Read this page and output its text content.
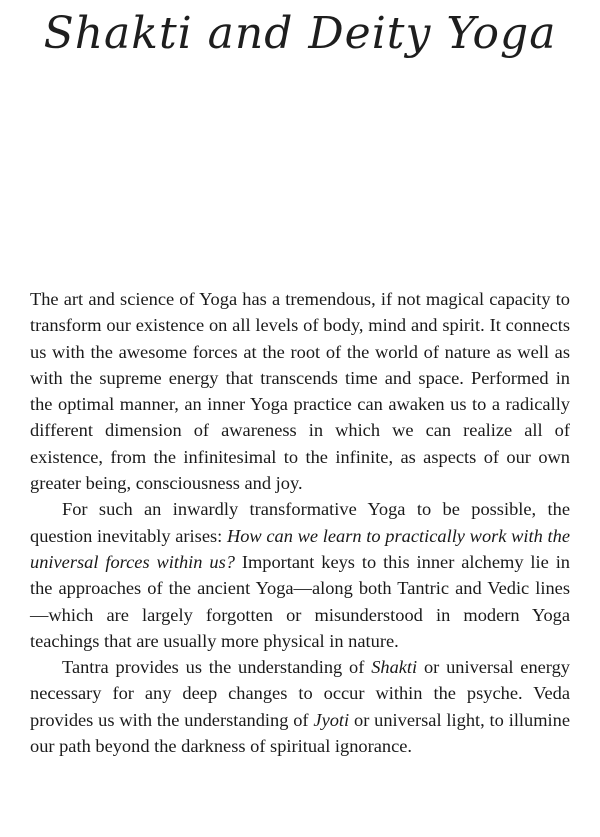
Shakti and Deity Yoga

The art and science of Yoga has a tremendous, if not magical capacity to transform our existence on all levels of body, mind and spirit. It connects us with the awesome forces at the root of the world of nature as well as with the supreme energy that transcends time and space. Performed in the optimal manner, an inner Yoga practice can awaken us to a radically different dimension of awareness in which we can realize all of existence, from the infinitesimal to the infinite, as aspects of our own greater being, consciousness and joy.

For such an inwardly transformative Yoga to be possible, the question inevitably arises: How can we learn to practically work with the universal forces within us? Important keys to this inner alchemy lie in the approaches of the ancient Yoga—along both Tantric and Vedic lines—which are largely forgotten or misunderstood in modern Yoga teachings that are usually more physical in nature.

Tantra provides us the understanding of Shakti or universal energy necessary for any deep changes to occur within the psyche. Veda provides us with the understanding of Jyoti or universal light, to illumine our path beyond the darkness of spiritual ignorance.
